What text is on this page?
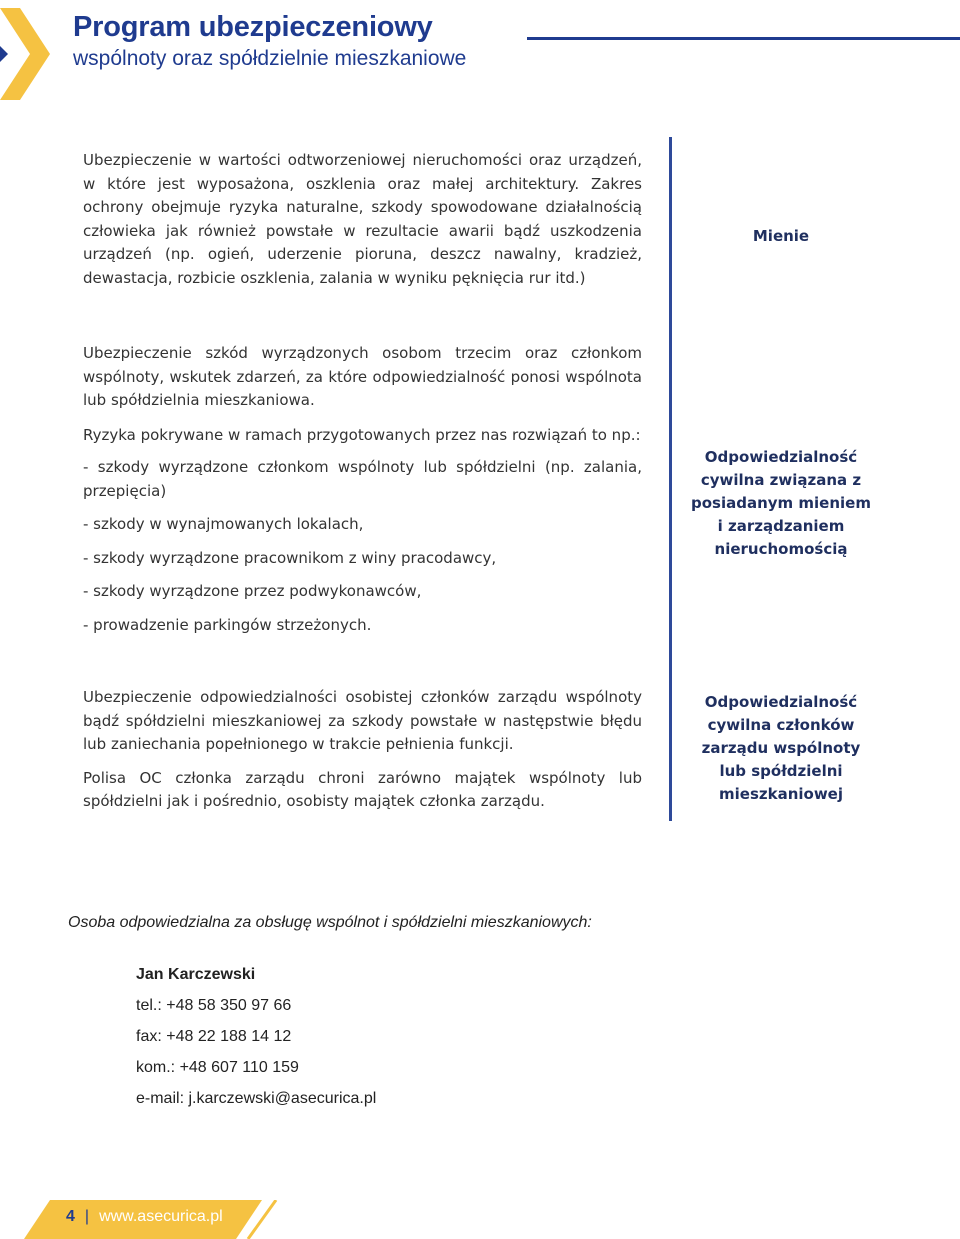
Program ubezpieczeniowy
wspólnoty oraz spółdzielnie mieszkaniowe

Ubezpieczenie w wartości odtworzeniowej nieruchomości oraz urządzeń, w które jest wyposażona, oszklenia oraz małej architektury. Zakres ochrony obejmuje ryzyka naturalne, szkody spowodowane działalnością człowieka jak również powstałe w rezultacie awarii bądź uszkodzenia urządzeń (np. ogień, uderzenie pioruna, deszcz nawalny, kradzież, dewastacja, rozbicie oszklenia, zalania w wyniku pęknięcia rur itd.)

Mienie

Ubezpieczenie szkód wyrządzonych osobom trzecim oraz członkom wspólnoty, wskutek zdarzeń, za które odpowiedzialność ponosi wspólnota lub spółdzielnia mieszkaniowa.

Ryzyka pokrywane w ramach przygotowanych przez nas rozwiązań to np.:

- szkody wyrządzone członkom wspólnoty lub spółdzielni (np. zalania, przepięcia)

- szkody w wynajmowanych lokalach,

- szkody wyrządzone pracownikom z winy pracodawcy,

- szkody wyrządzone przez podwykonawców,

- prowadzenie parkingów strzeżonych.

Odpowiedzialność cywilna związana z posiadanym mieniem i zarządzaniem nieruchomością

Ubezpieczenie odpowiedzialności osobistej członków zarządu wspólnoty bądź spółdzielni mieszkaniowej za szkody powstałe w następstwie błędu lub zaniechania popełnionego w trakcie pełnienia funkcji.

Polisa OC członka zarządu chroni zarówno majątek wspólnoty lub spółdzielni jak i pośrednio, osobisty majątek członka zarządu.

Odpowiedzialność cywilna członków zarządu wspólnoty lub spółdzielni mieszkaniowej
Osoba odpowiedzialna za obsługę wspólnot i spółdzielni mieszkaniowych:
Jan Karczewski
tel.: +48 58 350 97 66
fax: +48 22 188 14 12
kom.: +48 607 110 159
e-mail: j.karczewski@asecurica.pl
4 | www.asecurica.pl
